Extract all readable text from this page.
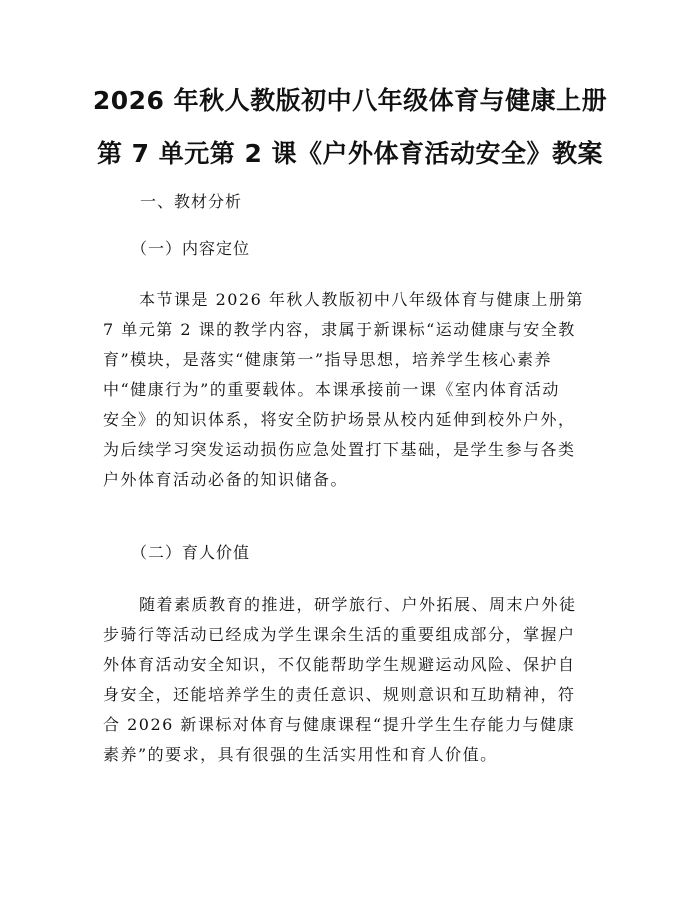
2026 年秋人教版初中八年级体育与健康上册
第 7 单元第 2 课《户外体育活动安全》教案
一、教材分析
（一）内容定位
本节课是 2026 年秋人教版初中八年级体育与健康上册第
7 单元第 2 课的教学内容，隶属于新课标“运动健康与安全教
育”模块，是落实“健康第一”指导思想，培养学生核心素养
中“健康行为”的重要载体。本课承接前一课《室内体育活动
安全》的知识体系，将安全防护场景从校内延伸到校外户外，
为后续学习突发运动损伤应急处置打下基础，是学生参与各类
户外体育活动必备的知识储备。
（二）育人价值
随着素质教育的推进，研学旅行、户外拓展、周末户外徒
步骑行等活动已经成为学生课余生活的重要组成部分，掌握户
外体育活动安全知识，不仅能帮助学生规避运动风险、保护自
身安全，还能培养学生的责任意识、规则意识和互助精神，符
合 2026 新课标对体育与健康课程“提升学生生存能力与健康
素养”的要求，具有很强的生活实用性和育人价值。
